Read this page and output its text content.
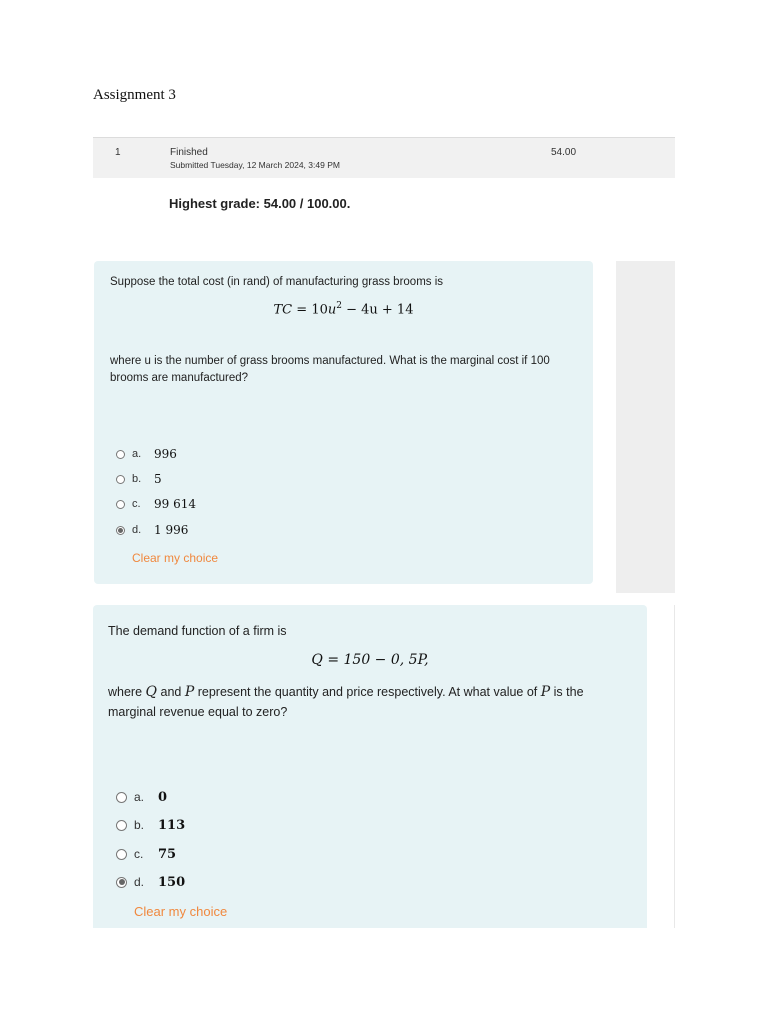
Assignment 3
1	Finished
Submitted Tuesday, 12 March 2024, 3:49 PM
54.00
Highest grade: 54.00 / 100.00.
Suppose the total cost (in rand) of manufacturing grass brooms is
TC = $10u^2 - 4u + 14$
where u is the number of grass brooms manufactured. What is the marginal cost if 100 brooms are manufactured?
a.	996
b.	5
c.	99 614
d.	1 996
Clear my choice
The demand function of a firm is
Q = 150 − 0, 5P,
where Q and P represent the quantity and price respectively. At what value of P is the marginal revenue equal to zero?
a.	0
b.	113
c.	75
d.	150
Clear my choice
